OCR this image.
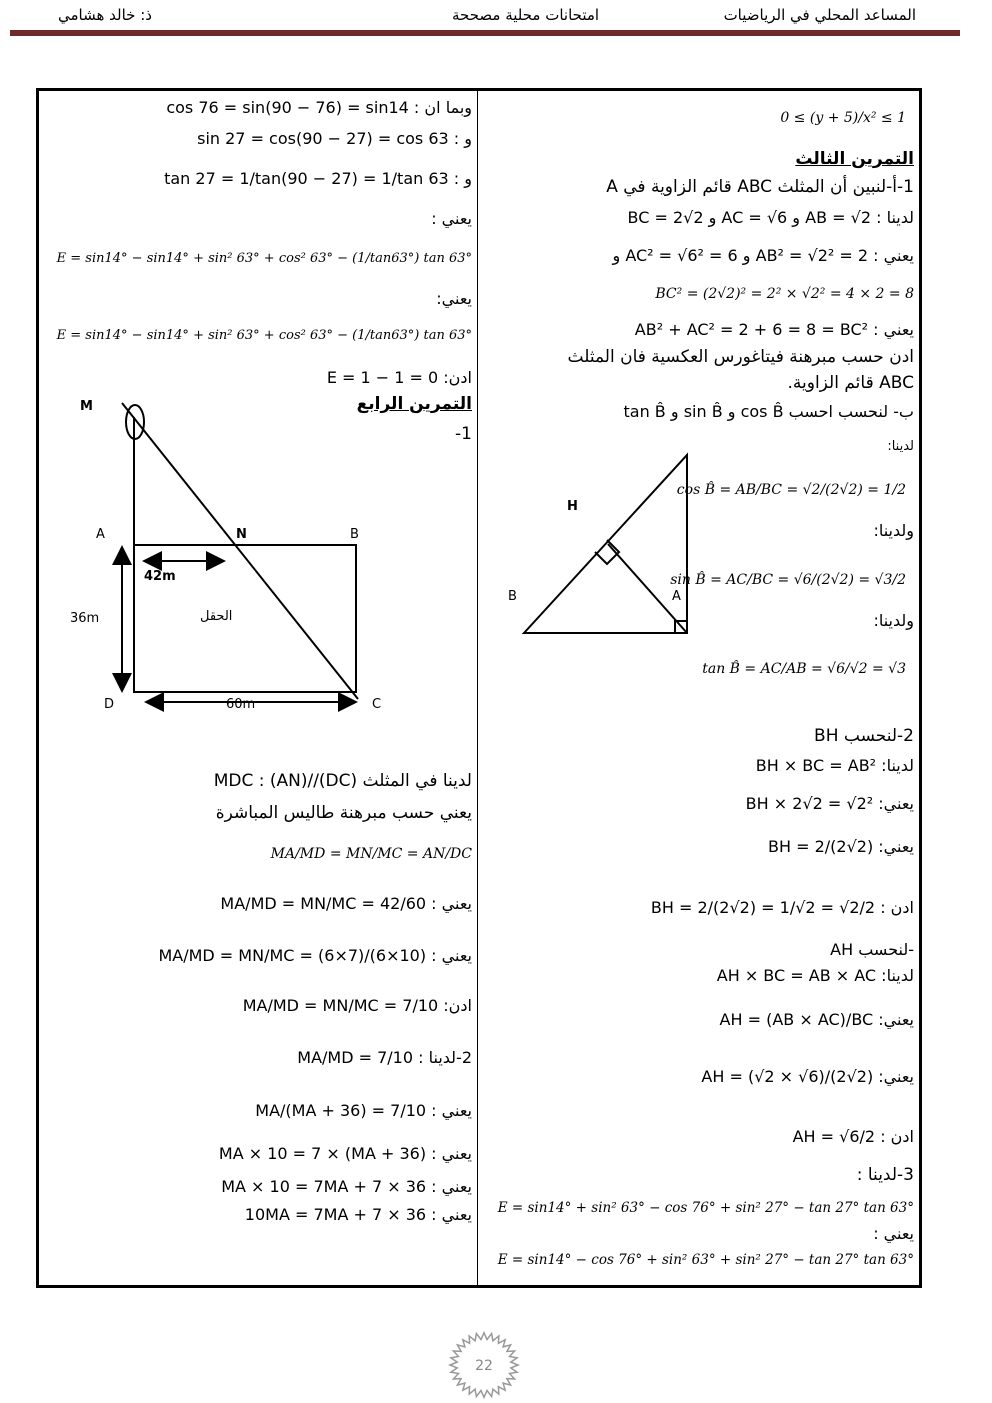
المساعد المحلي في الرياضيات
امتحانات محلية مصححة
ذ: خالد هشامي
0 ≤ (y + 5)/x² ≤ 1
التمرين الثالث
1-أ-لنبين أن المثلث ABC قائم الزاوية في A
لدينا : AB = √2 و AC = √6 و BC = 2√2
يعني : AB² = √2² = 2 و AC² = √6² = 6 و
BC² = (2√2)² = 2² × √2² = 4 × 2 = 8
يعني : AB² + AC² = 2 + 6 = 8 = BC²
ادن حسب مبرهنة فيتاغورس العكسية فان المثلث
ABC قائم الزاوية.
ب- لنحسب احسب cos B̂ و sin B̂ و tan B̂
لدينا:
cos B̂ = AB/BC = √2/(2√2) = 1/2
ولدينا:
sin B̂ = AC/BC = √6/(2√2) = √3/2
ولدينا:
tan B̂ = AC/AB = √6/√2 = √3
2-لنحسب BH
لدينا: BH × BC = AB²
يعني: BH × 2√2 = √2²
يعني: BH = 2/(2√2)
ادن : BH = 2/(2√2) = 1/√2 = √2/2
-لنحسب AH
لدينا: AH × BC = AB × AC
يعني: AH = (AB × AC)/BC
يعني: AH = (√2 × √6)/(2√2)
ادن : AH = √6/2
3-لدينا :
E = sin14° + sin² 63° − cos 76° + sin² 27° − tan 27° tan 63°
يعني :
E = sin14° − cos 76° + sin² 63° + sin² 27° − tan 27° tan 63°
B	A
H
وبما ان : cos 76 = sin(90 − 76) = sin14
و : sin 27 = cos(90 − 27) = cos 63
و : tan 27 = 1/tan(90 − 27) = 1/tan 63
يعني :
E = sin14° − sin14° + sin² 63° + cos² 63° − (1/tan63°) tan 63°
يعني:
E = sin14° − sin14° + sin² 63° + cos² 63° − (1/tan63°) tan 63°
ادن: E = 1 − 1 = 0
التمرين الرابع
-1
لدينا في المثلث MDC : (AN)//(DC)
يعني حسب مبرهنة طاليس المباشرة
MA/MD = MN/MC = AN/DC
يعني : MA/MD = MN/MC = 42/60
يعني : MA/MD = MN/MC = (6×7)/(6×10)
ادن: MA/MD = MN/MC = 7/10
2-لدينا : MA/MD = 7/10
يعني : MA/(MA + 36) = 7/10
يعني : MA × 10 = 7 × (MA + 36)
يعني : MA × 10 = 7MA + 7 × 36
يعني : 10MA = 7MA + 7 × 36
M
A	N	B
D	C
42m
36m
60m
الحقل
22
